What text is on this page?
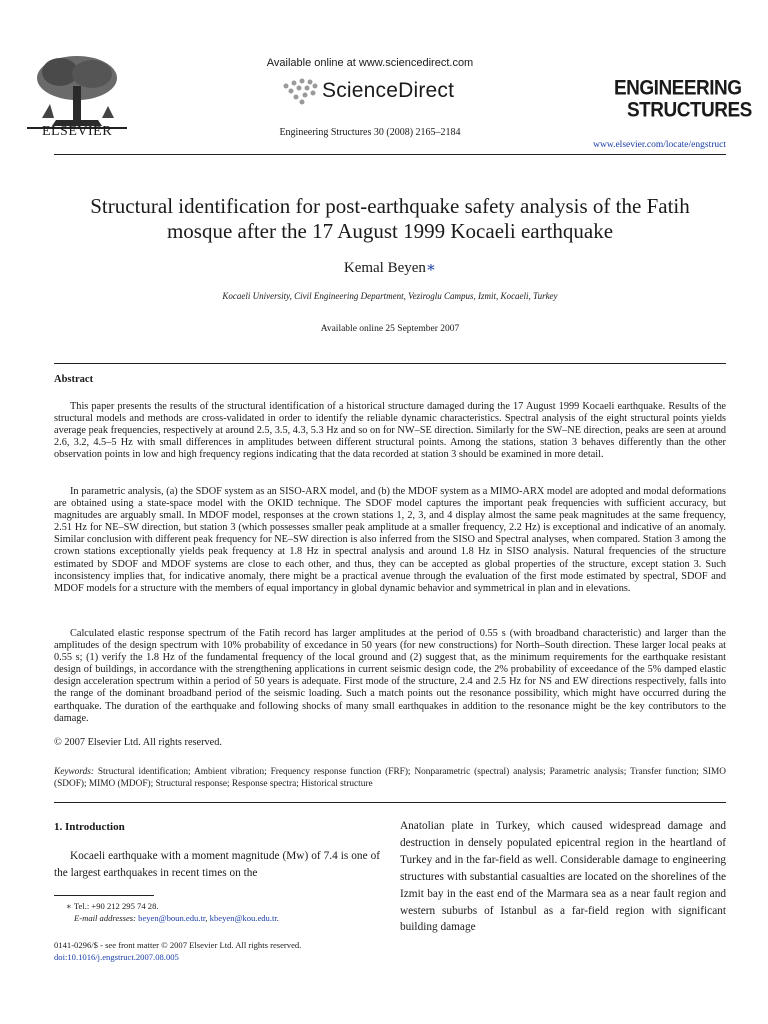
ELSEVIER
Available online at www.sciencedirect.com
ScienceDirect
Engineering Structures 30 (2008) 2165–2184
ENGINEERING
STRUCTURES
www.elsevier.com/locate/engstruct
Structural identification for post-earthquake safety analysis of the Fatih
mosque after the 17 August 1999 Kocaeli earthquake
Kemal Beyen∗
Kocaeli University, Civil Engineering Department, Veziroglu Campus, Izmit, Kocaeli, Turkey
Available online 25 September 2007
Abstract
This paper presents the results of the structural identification of a historical structure damaged during the 17 August 1999 Kocaeli earthquake. Results of the structural models and methods are cross-validated in order to identify the reliable dynamic characteristics. Spectral analysis of the eight structural points yields average peak frequencies, respectively at around 2.5, 3.5, 4.3, 5.3 Hz and so on for NW–SE direction. Similarly for the SW–NE direction, peaks are seen at around 2.6, 3.2, 4.5–5 Hz with small differences in amplitudes between different structural points. Among the stations, station 3 behaves differently than the other observation points in low and high frequency regions indicating that the data recorded at station 3 should be examined in more detail.
In parametric analysis, (a) the SDOF system as an SISO-ARX model, and (b) the MDOF system as a MIMO-ARX model are adopted and modal deformations are obtained using a state-space model with the OKID technique. The SDOF model captures the important peak frequencies with sufficient accuracy, but magnitudes are arguably small. In MDOF model, responses at the crown stations 1, 2, 3, and 4 display almost the same peak magnitudes at the same frequency, 2.51 Hz for NE–SW direction, but station 3 (which possesses smaller peak amplitude at a smaller frequency, 2.2 Hz) is exceptional and indicative of an anomaly. Similar conclusion with different peak frequency for NE–SW direction is also inferred from the SISO and Spectral analyses, when compared. Station 3 among the crown stations exceptionally yields peak frequency at 1.8 Hz in spectral analysis and around 1.8 Hz in SISO analysis. Natural frequencies of the structure estimated by SDOF and MDOF systems are close to each other, and thus, they can be accepted as global properties of the structure, except station 3. Such inconsistency implies that, for indicative anomaly, there might be a practical avenue through the evaluation of the first mode estimated by spectral, SDOF and MDOF models for a structure with the members of equal importancy in global dynamic behavior and symmetrical in plan and in elevations.
Calculated elastic response spectrum of the Fatih record has larger amplitudes at the period of 0.55 s (with broadband characteristic) and larger than the amplitudes of the design spectrum with 10% probability of excedance in 50 years (for new constructions) for North–South direction. These larger local peaks at 0.55 s; (1) verify the 1.8 Hz of the fundamental frequency of the local ground and (2) suggest that, as the minimum requirements for the earthquake resistant design of buildings, in accordance with the strengthening applications in current seismic design code, the 2% probability of exceedance of the 5% damped elastic design acceleration spectrum within a period of 50 years is adequate. First mode of the structure, 2.4 and 2.5 Hz for NS and EW directions respectively, falls into the range of the dominant broadband period of the seismic loading. Such a match points out the resonance possibility, which might have occurred during the earthquake. The duration of the earthquake and following shocks of many small earthquakes in addition to the resonance might be the key contributors to the damage.
© 2007 Elsevier Ltd. All rights reserved.
Keywords: Structural identification; Ambient vibration; Frequency response function (FRF); Nonparametric (spectral) analysis; Parametric analysis; Transfer function; SIMO (SDOF); MIMO (MDOF); Structural response; Response spectra; Historical structure
1. Introduction
Kocaeli earthquake with a moment magnitude (Mw) of 7.4 is one of the largest earthquakes in recent times on the
Anatolian plate in Turkey, which caused widespread damage and destruction in densely populated epicentral region in the heartland of Turkey and in the far-field as well. Considerable damage to engineering structures with substantial casualties are located on the shorelines of the Izmit bay in the east end of the Marmara sea as a near fault region and western suburbs of Istanbul as a far-field region with significant building damage
∗ Tel.: +90 212 295 74 28.
E-mail addresses: beyen@boun.edu.tr, kbeyen@kou.edu.tr.
0141-0296/$ - see front matter © 2007 Elsevier Ltd. All rights reserved.
doi:10.1016/j.engstruct.2007.08.005
